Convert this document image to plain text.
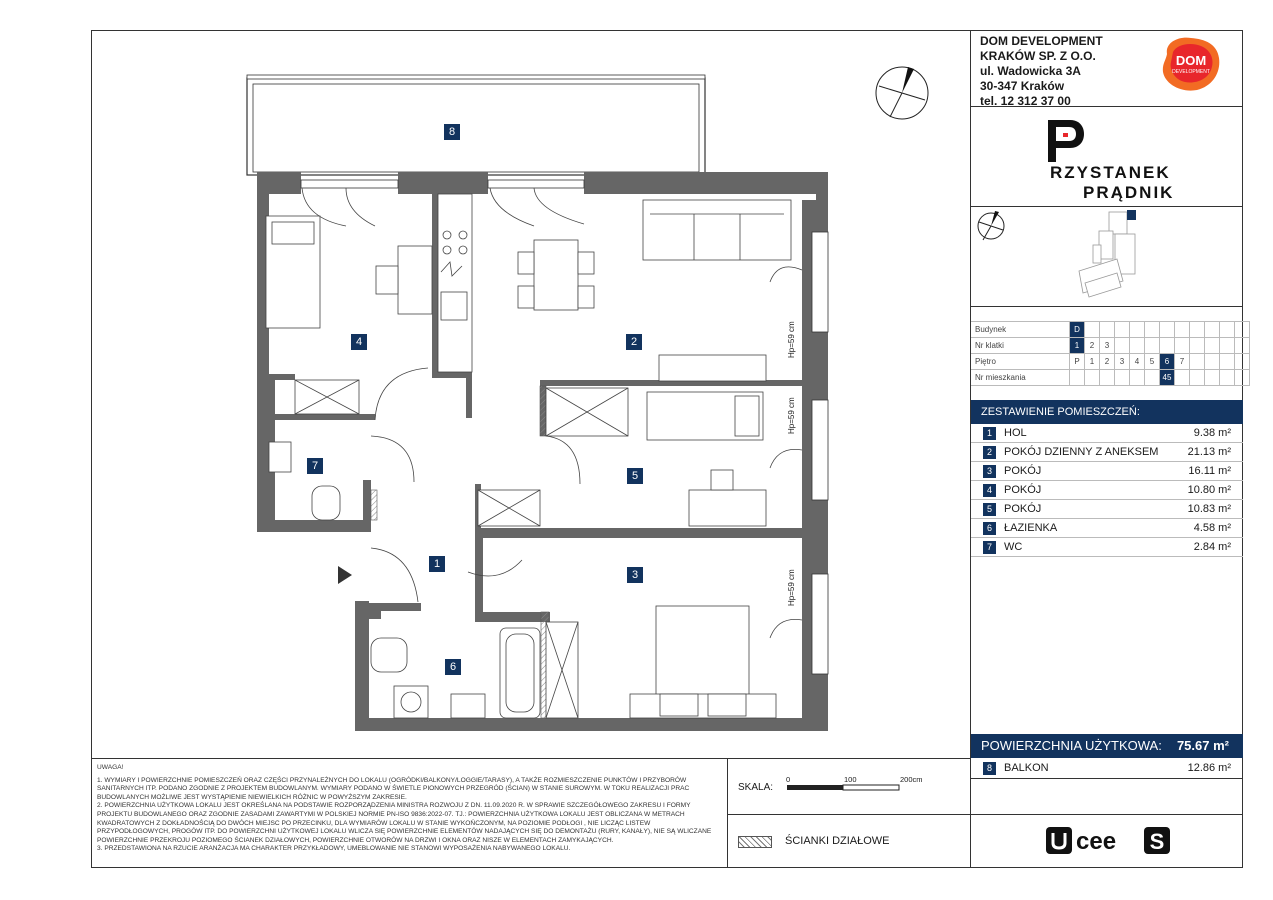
DOM DEVELOPMENT
KRAKÓW SP. Z O.O.
ul. Wadowicka 3A
30-347 Kraków
tel. 12 312 37 00
DOM
DEVELOPMENT
RZYSTANEK
PRĄDNIK
Budynek	D											
Nr klatki	1	2	3									
Piętro	P	1	2	3	4	5	6	7				
Nr mieszkania							45					
ZESTAWIENIE POMIESZCZEŃ:
1	HOL	9.38 m²
2	POKÓJ DZIENNY Z ANEKSEM	21.13 m²
3	POKÓJ	16.11 m²
4	POKÓJ	10.80 m²
5	POKÓJ	10.83 m²
6	ŁAZIENKA	4.58 m²
7	WC	2.84 m²
POWIERZCHNIA UŻYTKOWA: 75.67 m²
8	BALKON	12.86 m²
UWAGA!
1. WYMIARY I POWIERZCHNIE POMIESZCZEŃ ORAZ CZĘŚCI PRZYNALEŻNYCH DO LOKALU (OGRÓDKI/BALKONY/LOGGIE/TARASY), A TAKŻE ROZMIESZCZENIE PUNKTÓW I PRZYBORÓW SANITARNYCH ITP. PODANO ZGODNIE Z PROJEKTEM BUDOWLANYM. WYMIARY PODANO W ŚWIETLE PIONOWYCH PRZEGRÓD (ŚCIAN) W STANIE SUROWYM. W TOKU REALIZACJI PRAC BUDOWLANYCH MOŻLIWE JEST WYSTĄPIENIE NIEWIELKICH RÓŻNIC W POWYŻSZYM ZAKRESIE.
2. POWIERZCHNIA UŻYTKOWA LOKALU JEST OKREŚLANA NA PODSTAWIE ROZPORZĄDZENIA MINISTRA ROZWOJU Z DN. 11.09.2020 R. W SPRAWIE SZCZEGÓŁOWEGO ZAKRESU I FORMY PROJEKTU BUDOWLANEGO ORAZ ZGODNIE ZASADAMI ZAWARTYMI W POLSKIEJ NORMIE PN-ISO 9836:2022-07. TJ.: POWIERZCHNIA UŻYTKOWA LOKALU JEST OBLICZANA W METRACH KWADRATOWYCH Z DOKŁADNOŚCIĄ DO DWÓCH MIEJSC PO PRZECINKU, DLA WYMIARÓW LOKALU W STANIE WYKOŃCZONYM, NA POZIOMIE PODŁOGI , NIE LICZĄC LISTEW PRZYPODŁOGOWYCH, PROGÓW ITP. DO POWIERZCHNI UŻYTKOWEJ LOKALU WLICZA SIĘ POWIERZCHNIE ELEMENTÓW NADAJĄCYCH SIĘ DO DEMONTAŻU (RURY, KANAŁY), NIE SĄ WLICZANE POWIERZCHNIE PRZEKROJU POZIOMEGO ŚCIANEK DZIAŁOWYCH, POWIERZCHNIE OTWORÓW NA DRZWI I OKNA ORAZ NISZE W ELEMENTACH ZAMYKAJĄCYCH.
3. PRZEDSTAWIONA NA RZUCIE ARANŻACJA MA CHARAKTER PRZYKŁADOWY, UMEBLOWANIE NIE STANOWI WYPOSAŻENIA NABYWANEGO LOKALU.
SKALA:
0	100	200cm
ŚCIANKI DZIAŁOWE	cee S
8
4	2
7
5
1
3
6
Hp=59 cm
Hp=59 cm
Hp=59 cm
